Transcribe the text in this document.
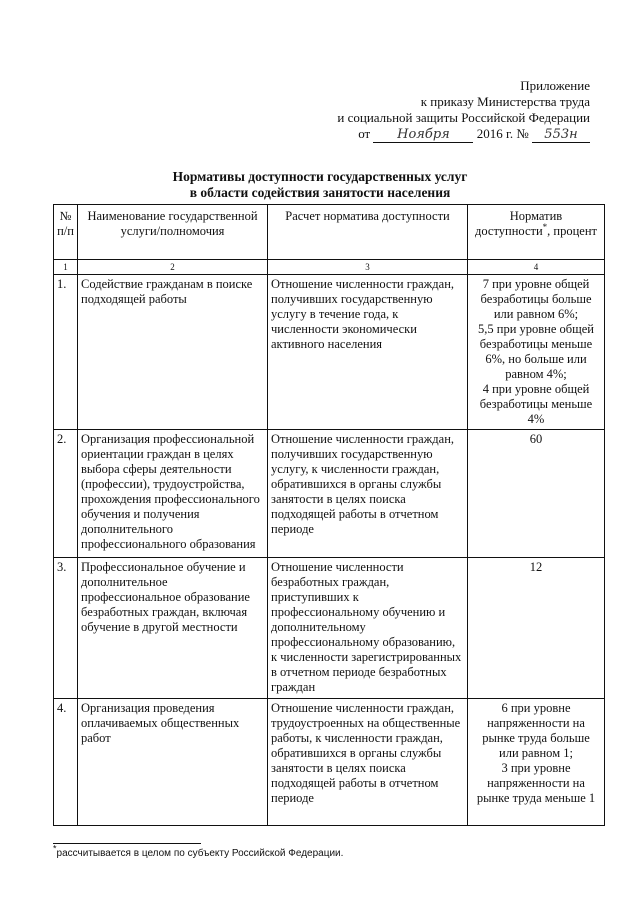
Приложение
к приказу Министерства труда
и социальной защиты Российской Федерации
от Ноября 2016 г. № 553н
Нормативы доступности государственных услуг
в области содействия занятости населения
№ п/п	Наименование государственной услуги/полномочия	Расчет норматива доступности	Норматив доступности*, процент
1	2	3	4
1.	Содействие гражданам в поиске подходящей работы	Отношение численности граждан, получивших государственную услугу в течение года, к численности экономически активного населения	7 при уровне общей безработицы больше или равном 6%;
5,5 при уровне общей безработицы меньше 6%, но больше или равном 4%;
4 при уровне общей безработицы меньше 4%

2.	Организация профессиональной ориентации граждан в целях выбора сферы деятельности (профессии), трудоустройства, прохождения профессионального обучения и получения дополнительного профессионального образования	Отношение численности граждан, получивших государственную услугу, к численности граждан, обратившихся в органы службы занятости в целях поиска подходящей работы в отчетном периоде	60

3.	Профессиональное обучение и дополнительное профессиональное образование безработных граждан, включая обучение в другой местности	Отношение численности безработных граждан, приступивших к профессиональному обучению и дополнительному профессиональному образованию, к численности зарегистрированных в отчетном периоде безработных граждан	12

4.	Организация проведения оплачиваемых общественных работ	Отношение численности граждан, трудоустроенных на общественные работы, к численности граждан, обратившихся в органы службы занятости в целях поиска подходящей работы в отчетном периоде	6 при уровне напряженности на рынке труда больше или равном 1;
3 при уровне напряженности на рынке труда меньше 1
*рассчитывается в целом по субъекту Российской Федерации.
